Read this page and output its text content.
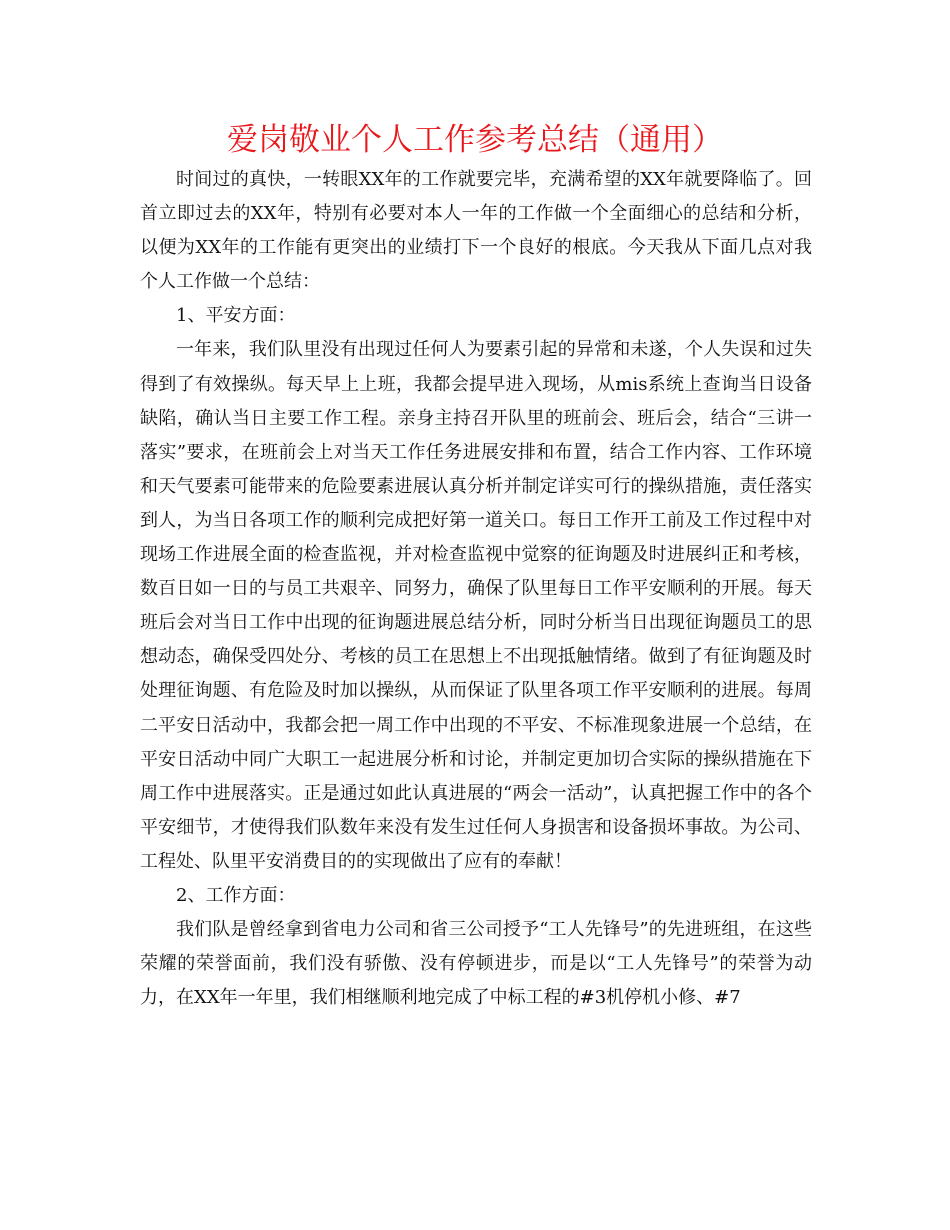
爱岗敬业个人工作参考总结（通用）

时间过的真快，一转眼XX年的工作就要完毕，充满希望的XX年就要降临了。回首立即过去的XX年，特别有必要对本人一年的工作做一个全面细心的总结和分析，以便为XX年的工作能有更突出的业绩打下一个良好的根底。今天我从下面几点对我个人工作做一个总结：

1、平安方面：

一年来，我们队里没有出现过任何人为要素引起的异常和未遂，个人失误和过失得到了有效操纵。每天早上上班，我都会提早进入现场，从mis系统上查询当日设备缺陷，确认当日主要工作工程。亲身主持召开队里的班前会、班后会，结合“三讲一落实”要求，在班前会上对当天工作任务进展安排和布置，结合工作内容、工作环境和天气要素可能带来的危险要素进展认真分析并制定详实可行的操纵措施，责任落实到人，为当日各项工作的顺利完成把好第一道关口。每日工作开工前及工作过程中对现场工作进展全面的检查监视，并对检查监视中觉察的征询题及时进展纠正和考核，数百日如一日的与员工共艰辛、同努力，确保了队里每日工作平安顺利的开展。每天班后会对当日工作中出现的征询题进展总结分析，同时分析当日出现征询题员工的思想动态，确保受四处分、考核的员工在思想上不出现抵触情绪。做到了有征询题及时处理征询题、有危险及时加以操纵，从而保证了队里各项工作平安顺利的进展。每周二平安日活动中，我都会把一周工作中出现的不平安、不标准现象进展一个总结，在平安日活动中同广大职工一起进展分析和讨论，并制定更加切合实际的操纵措施在下周工作中进展落实。正是通过如此认真进展的“两会一活动”，认真把握工作中的各个平安细节，才使得我们队数年来没有发生过任何人身损害和设备损坏事故。为公司、工程处、队里平安消费目的的实现做出了应有的奉献！

2、工作方面：

我们队是曾经拿到省电力公司和省三公司授予“工人先锋号”的先进班组，在这些荣耀的荣誉面前，我们没有骄傲、没有停顿进步，而是以“工人先锋号”的荣誉为动力，在XX年一年里，我们相继顺利地完成了中标工程的#3机停机小修、#7
